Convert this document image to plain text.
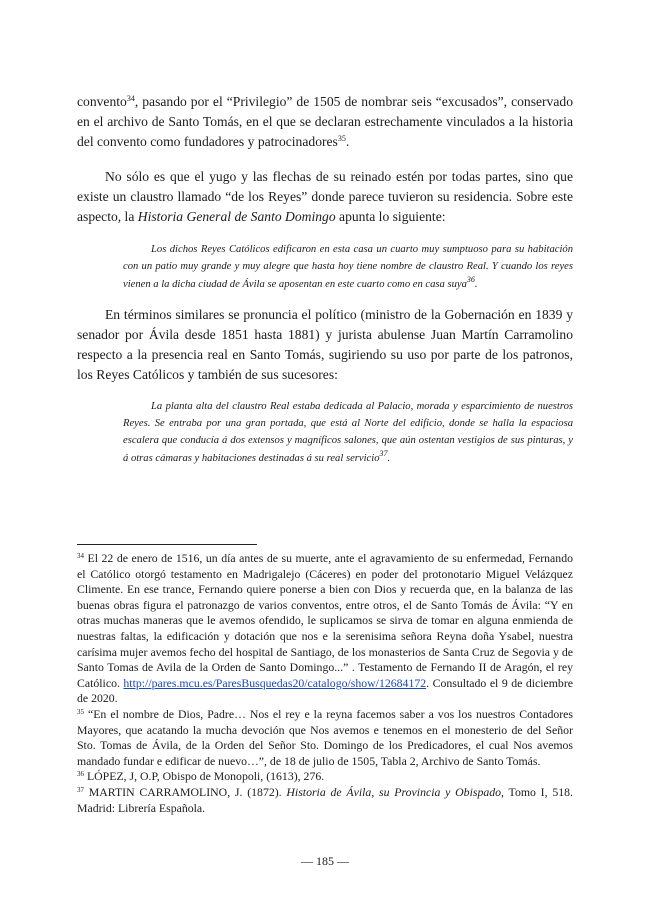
convento$^{34}$, pasando por el “Privilegio” de 1505 de nombrar seis “excusados”, conservado en el archivo de Santo Tomás, en el que se declaran estrechamente vinculados a la historia del convento como fundadores y patrocinadores$^{35}$.

No sólo es que el yugo y las flechas de su reinado estén por todas partes, sino que existe un claustro llamado “de los Reyes” donde parece tuvieron su residencia. Sobre este aspecto, la Historia General de Santo Domingo apunta lo siguiente:

Los dichos Reyes Católicos edificaron en esta casa un cuarto muy sumptuoso para su habitación con un patio muy grande y muy alegre que hasta hoy tiene nombre de claustro Real. Y cuando los reyes vienen a la dicha ciudad de Ávila se aposentan en este cuarto como en casa suya$^{36}$.

En términos similares se pronuncia el político (ministro de la Gobernación en 1839 y senador por Ávila desde 1851 hasta 1881) y jurista abulense Juan Martín Carramolino respecto a la presencia real en Santo Tomás, sugiriendo su uso por parte de los patronos, los Reyes Católicos y también de sus sucesores:

La planta alta del claustro Real estaba dedicada al Palacio, morada y esparcimiento de nuestros Reyes. Se entraba por una gran portada, que está al Norte del edificio, donde se halla la espaciosa escalera que conducía á dos extensos y magníficos salones, que aún ostentan vestigios de sus pinturas, y á otras cámaras y habitaciones destinadas á su real servicio$^{37}$.

$^{34}$ El 22 de enero de 1516, un día antes de su muerte, ante el agravamiento de su enfermedad, Fernando el Católico otorgó testamento en Madrigalejo (Cáceres) en poder del protonotario Miguel Velázquez Climente. En ese trance, Fernando quiere ponerse a bien con Dios y recuerda que, en la balanza de las buenas obras figura el patronazgo de varios conventos, entre otros, el de Santo Tomás de Ávila: “Y en otras muchas maneras que le avemos ofendido, le suplicamos se sirva de tomar en alguna enmienda de nuestras faltas, la edificación y dotación que nos e la serenisima señora Reyna doña Ysabel, nuestra carísima mujer avemos fecho del hospital de Santiago, de los monasterios de Santa Cruz de Segovia y de Santo Tomas de Avila de la Orden de Santo Domingo...” . Testamento de Fernando II de Aragón, el rey Católico. http://pares.mcu.es/ParesBusquedas20/catalogo/show/12684172. Consultado el 9 de diciembre de 2020.

$^{35}$ “En el nombre de Dios, Padre… Nos el rey e la reyna facemos saber a vos los nuestros Contadores Mayores, que acatando la mucha devoción que Nos avemos e tenemos en el monesterio de del Señor Sto. Tomas de Ávila, de la Orden del Señor Sto. Domingo de los Predicadores, el cual Nos avemos mandado fundar e edificar de nuevo…”, de 18 de julio de 1505, Tabla 2, Archivo de Santo Tomás.

$^{36}$ LÓPEZ, J, O.P, Obispo de Monopoli, (1613), 276.

$^{37}$ MARTIN CARRAMOLINO, J. (1872). Historia de Ávila, su Provincia y Obispado, Tomo I, 518. Madrid: Librería Española.

— 185 —
